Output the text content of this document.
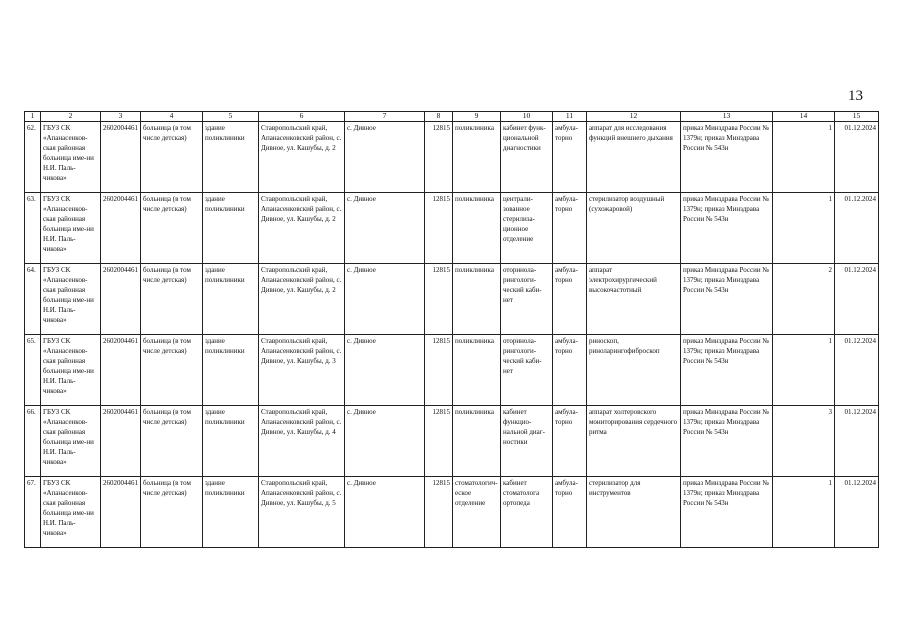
13
1	2	3	4	5	6	7	8	9	10	11	12	13	14	15
62.	ГБУЗ СК «Апанасенков-ская районная больница име-ни Н.И. Паль-чикова»	2602004461	больница (в том числе детская)	здание поликлиники	Ставропольский край, Апанасенковский район, с. Дивное, ул. Кашубы, д. 2	с. Дивное	12815	поликлиника	кабинет функ-циональной диагностики	амбула-торно	аппарат для исследования функций внешнего дыхания	приказ Минздрава России № 1379н; приказ Минздрава России № 543н	1	01.12.2024
63.	ГБУЗ СК «Апанасенков-ская районная больница име-ни Н.И. Паль-чикова»	2602004461	больница (в том числе детская)	здание поликлиники	Ставропольский край, Апанасенковский район, с. Дивное, ул. Кашубы, д. 2	с. Дивное	12815	поликлиника	централи-зованное стерилиза-ционное отделение	амбула-торно	стерилизатор воздушный (сухожаровой)	приказ Минздрава России № 1379н; приказ Минздрава России № 543н	1	01.12.2024
64.	ГБУЗ СК «Апанасенков-ская районная больница име-ни Н.И. Паль-чикова»	2602004461	больница (в том числе детская)	здание поликлиники	Ставропольский край, Апанасенковский район, с. Дивное, ул. Кашубы, д. 2	с. Дивное	12815	поликлиника	оторинола-рингологи-ческий каби-нет	амбула-торно	аппарат электрохирургический высокочастотный	приказ Минздрава России № 1379н; приказ Минздрава России № 543н	2	01.12.2024
65.	ГБУЗ СК «Апанасенков-ская районная больница име-ни Н.И. Паль-чикова»	2602004461	больница (в том числе детская)	здание поликлиники	Ставропольский край, Апанасенковский район, с. Дивное, ул. Кашубы, д. 3	с. Дивное	12815	поликлиника	оторинола-рингологи-ческий каби-нет	амбула-торно	риноскоп, риноларингофиброскоп	приказ Минздрава России № 1379н; приказ Минздрава России № 543н	1	01.12.2024
66.	ГБУЗ СК «Апанасенков-ская районная больница име-ни Н.И. Паль-чикова»	2602004461	больница (в том числе детская)	здание поликлиники	Ставропольский край, Апанасенковский район, с. Дивное, ул. Кашубы, д. 4	с. Дивное	12815	поликлиника	кабинет функцио-нальной диаг-ностики	амбула-торно	аппарат холтеровского мониторирования сердечного ритма	приказ Минздрава России № 1379н; приказ Минздрава России № 543н	3	01.12.2024
67.	ГБУЗ СК «Апанасенков-ская районная больница име-ни Н.И. Паль-чикова»	2602004461	больница (в том числе детская)	здание поликлиники	Ставропольский край, Апанасенковский район, с. Дивное, ул. Кашубы, д. 5	с. Дивное	12815	стоматологич-еское отделение	кабинет стоматолога ортопеда	амбула-торно	стерилизатор для инструментов	приказ Минздрава России № 1379н; приказ Минздрава России № 543н	1	01.12.2024
